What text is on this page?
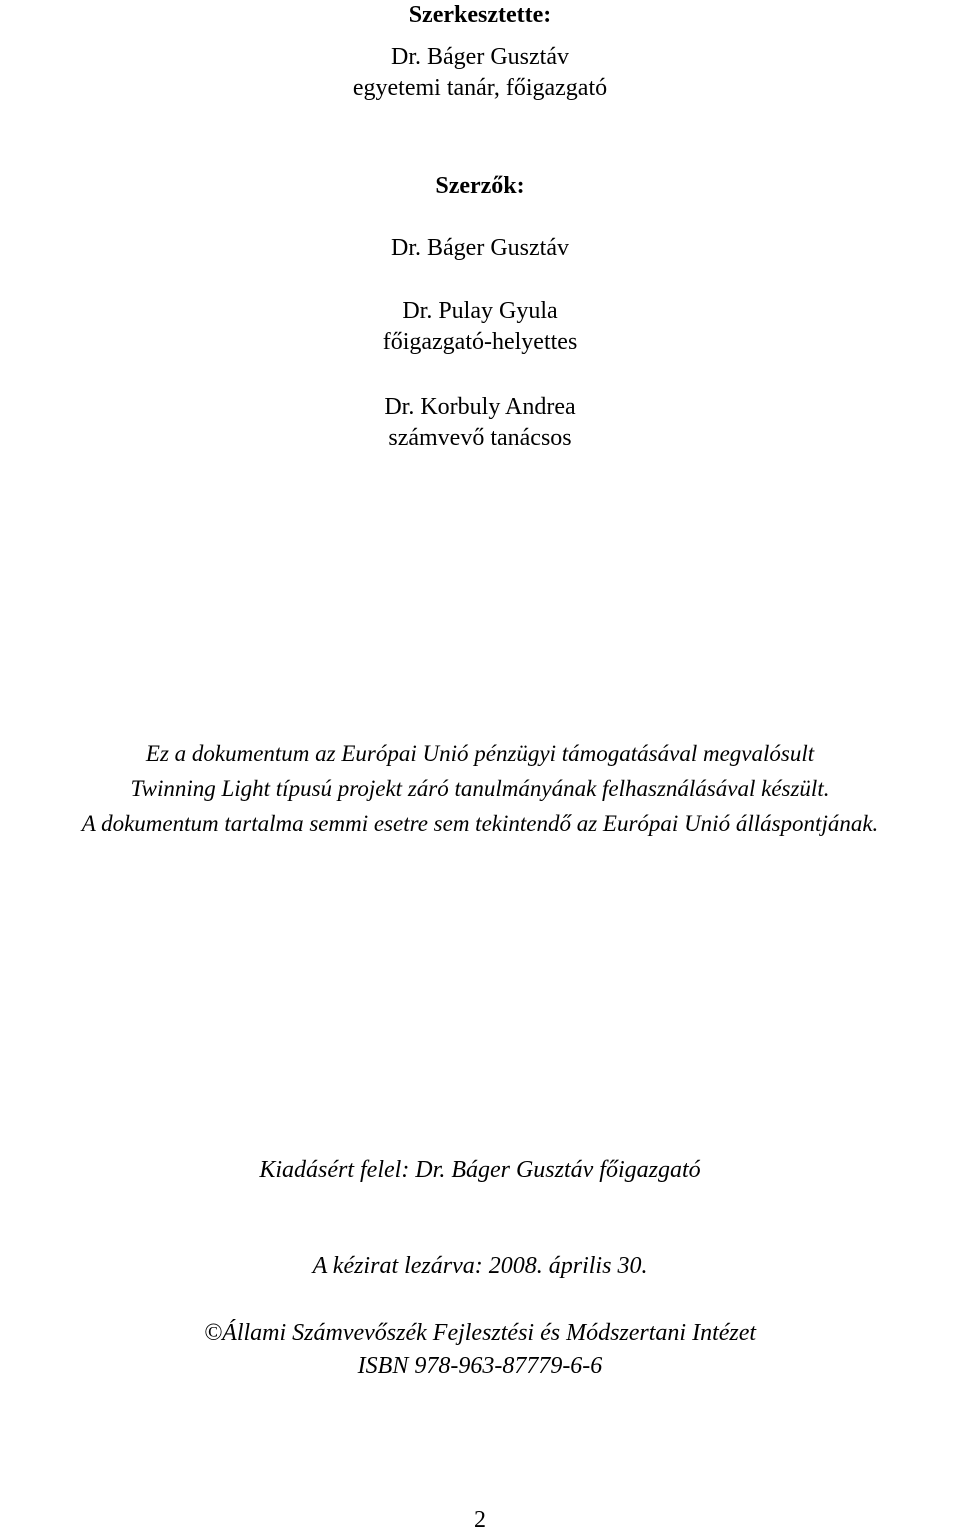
Szerkesztette:
Dr. Báger Gusztáv
egyetemi tanár, főigazgató
Szerzők:
Dr. Báger Gusztáv
Dr. Pulay Gyula
főigazgató-helyettes
Dr. Korbuly Andrea
számvevő tanácsos
Ez a dokumentum az Európai Unió pénzügyi támogatásával megvalósult
Twinning Light típusú projekt záró tanulmányának felhasználásával készült.
A dokumentum tartalma semmi esetre sem tekintendő az Európai Unió álláspontjának.
Kiadásért felel: Dr. Báger Gusztáv főigazgató
A kézirat lezárva: 2008. április 30.
©Állami Számvevőszék Fejlesztési és Módszertani Intézet
ISBN 978-963-87779-6-6
2
